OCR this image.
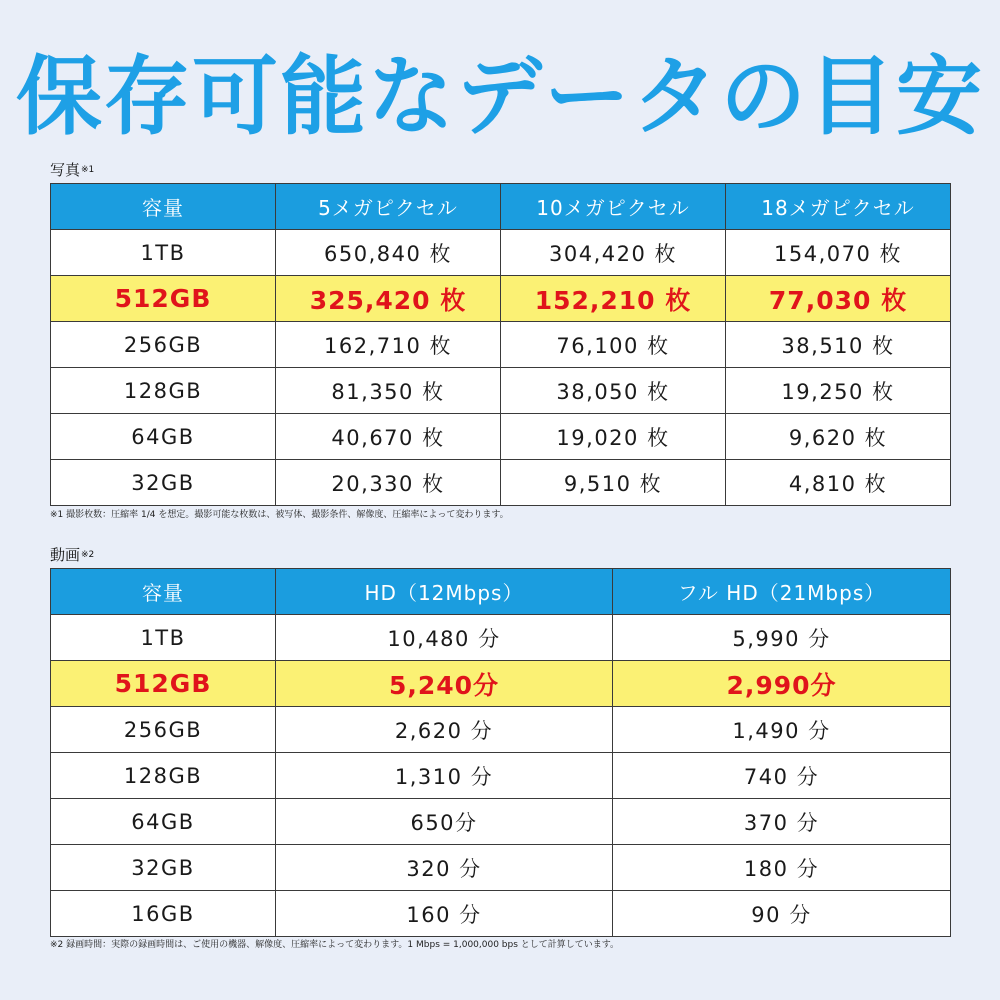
保存可能なデータの目安
写真$^{※1}$
容量	5メガピクセル	10メガピクセル	18メガピクセル
1TB	650,840 枚	304,420 枚	154,070 枚
512GB	325,420 枚	152,210 枚	77,030 枚
256GB	162,710 枚	76,100 枚	38,510 枚
128GB	81,350 枚	38,050 枚	19,250 枚
64GB	40,670 枚	19,020 枚	9,620 枚
32GB	20,330 枚	9,510 枚	4,810 枚
※1 撮影枚数：圧縮率 1/4 を想定。撮影可能な枚数は、被写体、撮影条件、解像度、圧縮率によって変わります。
動画$^{※2}$
容量	HD（12Mbps）	フル HD（21Mbps）
1TB	10,480 分	5,990 分
512GB	5,240分	2,990分
256GB	2,620 分	1,490 分
128GB	1,310 分	740 分
64GB	650分	370 分
32GB	320 分	180 分
16GB	160 分	90 分
※2 録画時間：実際の録画時間は、ご使用の機器、解像度、圧縮率によって変わります。1 Mbps = 1,000,000 bps として計算しています。
